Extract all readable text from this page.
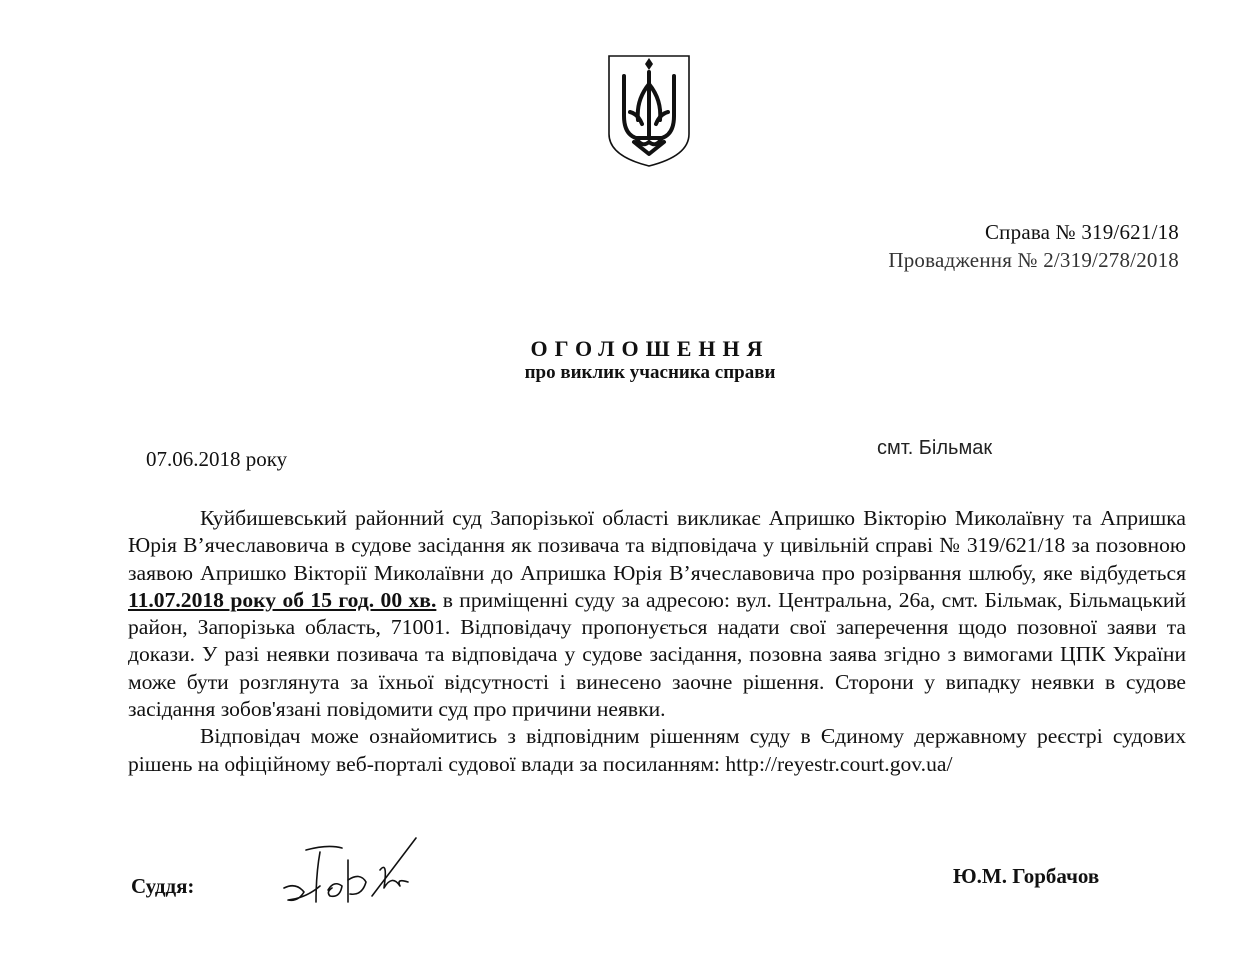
Справа № 319/621/18
Провадження № 2/319/278/2018
ОГОЛОШЕННЯ
про виклик учасника справи
07.06.2018 року	смт. Більмак

Куйбишевський районний суд Запорізької області викликає Апришко Вікторію Миколаївну та Апришка Юрія В’ячеславовича в судове засідання як позивача та відповідача у цивільній справі № 319/621/18 за позовною заявою Апришко Вікторії Миколаївни до Апришка Юрія В’ячеславовича про розірвання шлюбу, яке відбудеться 11.07.2018 року об 15 год. 00 хв. в приміщенні суду за адресою: вул. Центральна, 26а, смт. Більмак, Більмацький район, Запорізька область, 71001. Відповідачу пропонується надати свої заперечення щодо позовної заяви та докази. У разі неявки позивача та відповідача у судове засідання, позовна заява згідно з вимогами ЦПК України може бути розглянута за їхньої відсутності і винесено заочне рішення. Сторони у випадку неявки в судове засідання зобов'язані повідомити суд про причини неявки.

Відповідач може ознайомитись з відповідним рішенням суду в Єдиному державному реєстрі судових рішень на офіційному веб-порталі судової влади за посиланням: http://reyestr.court.gov.ua/

Суддя:	Ю.М. Горбачов
